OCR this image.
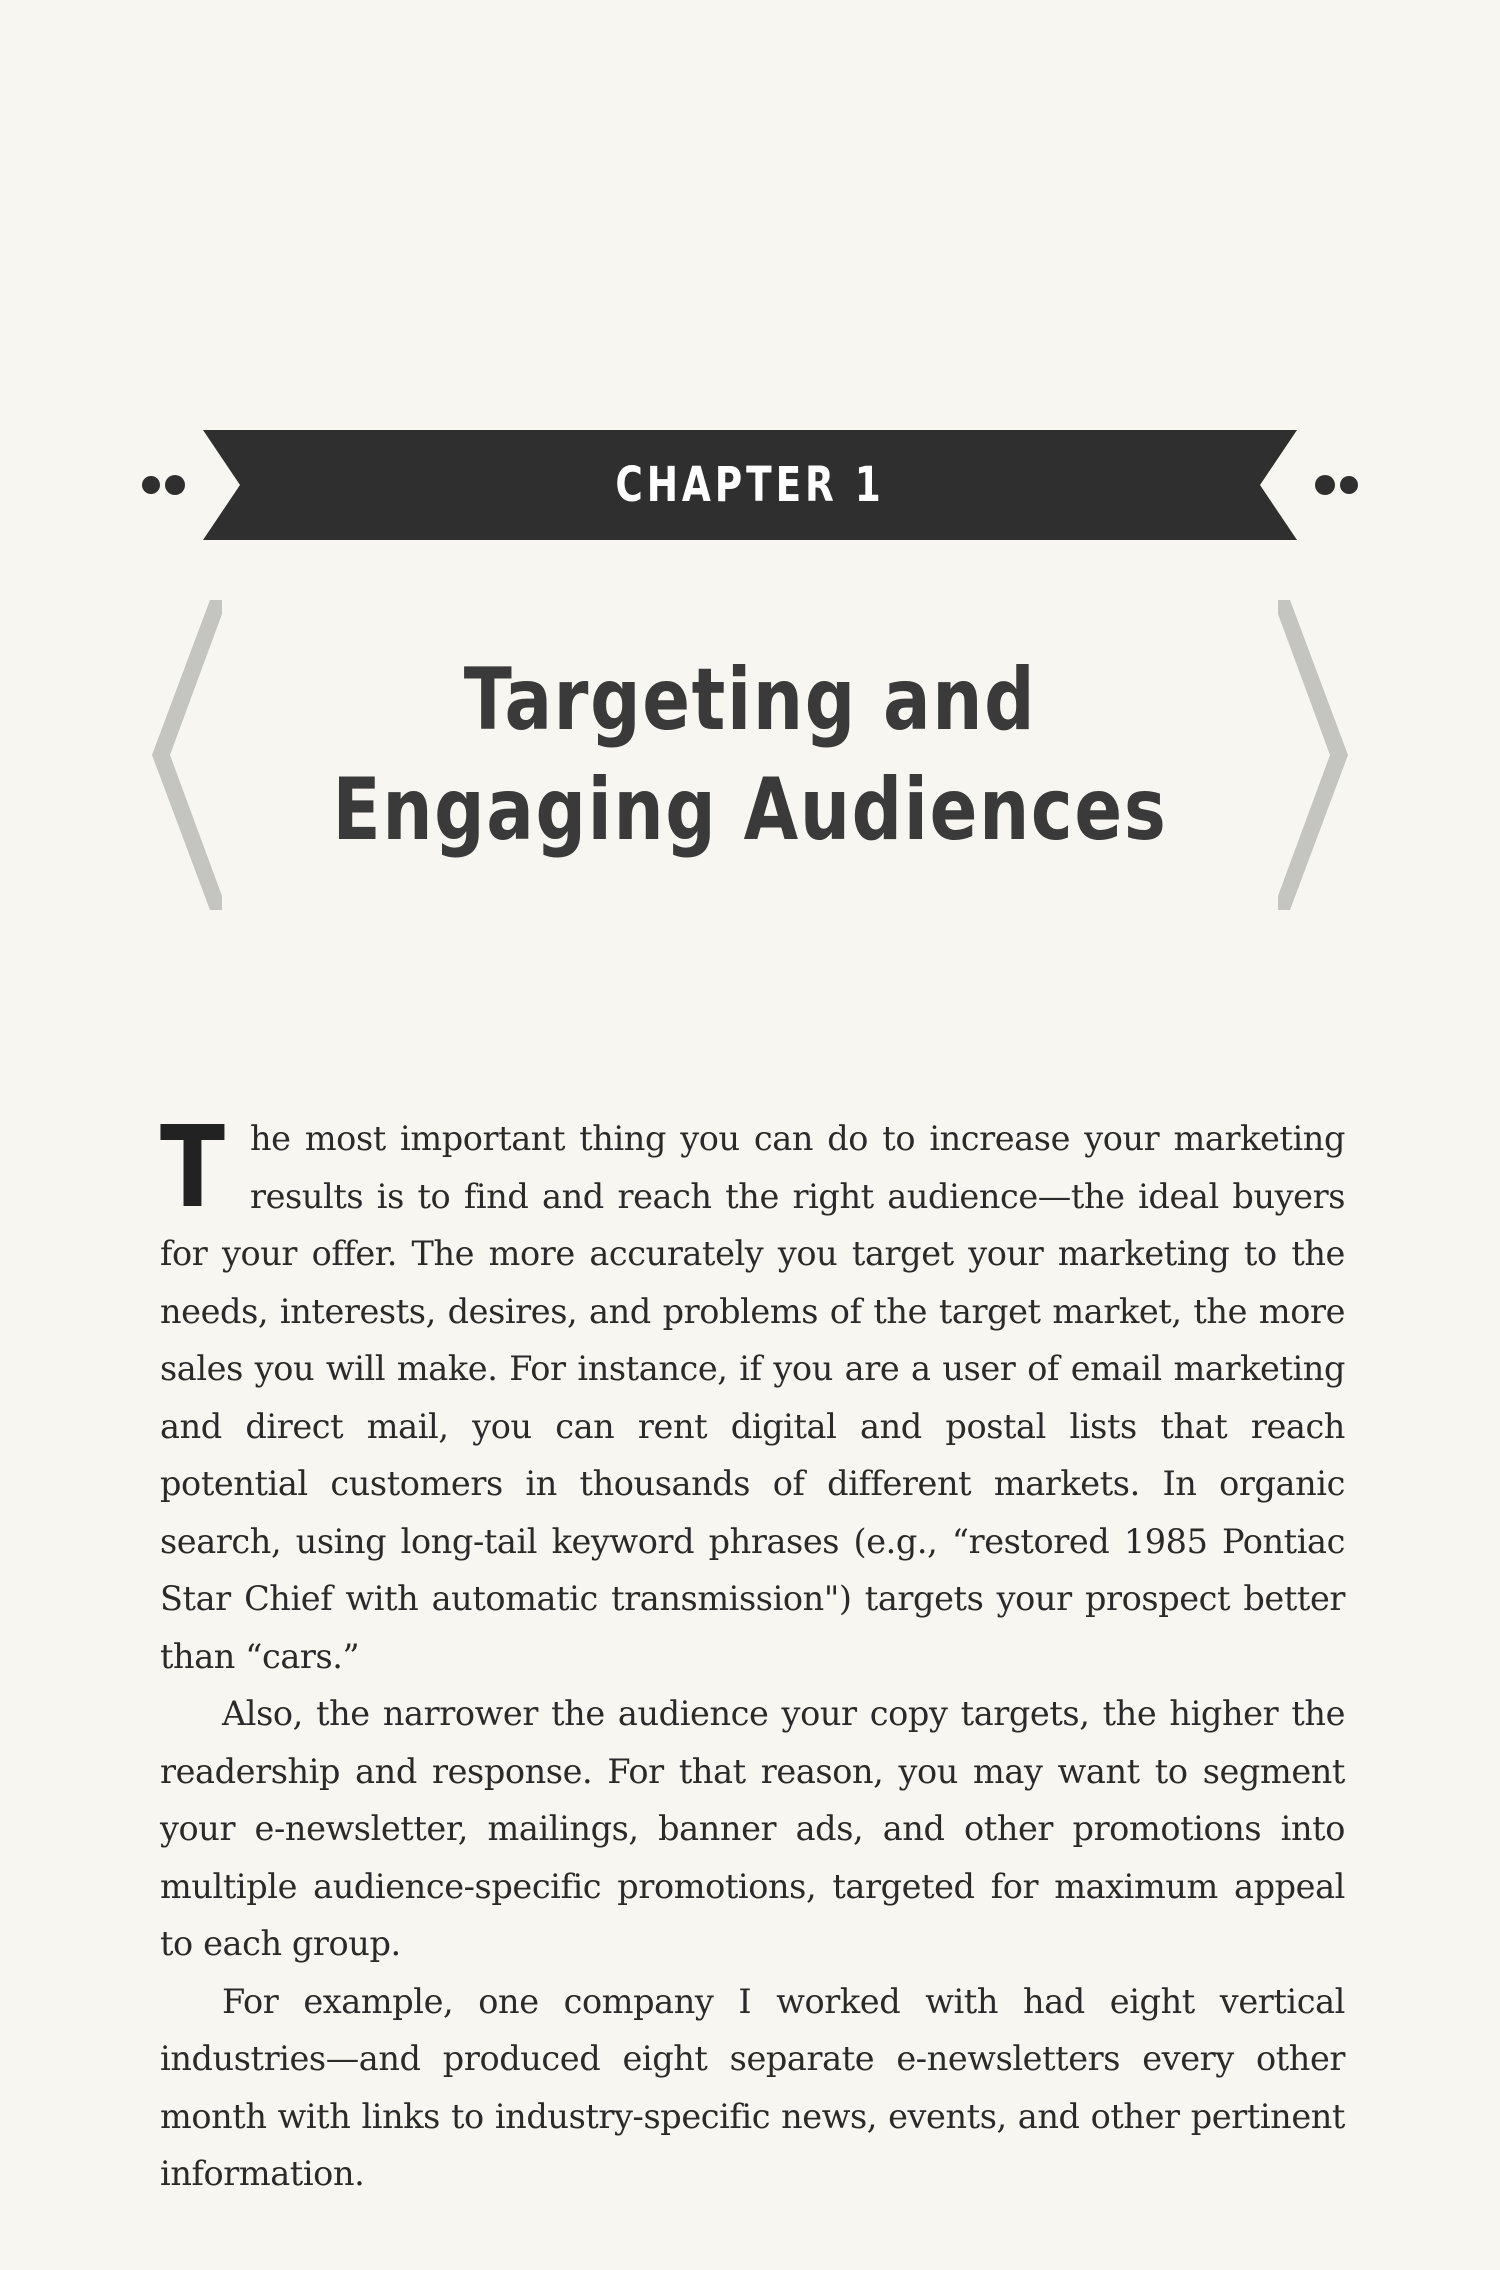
CHAPTER 1
Targeting and Engaging Audiences

The most important thing you can do to increase your marketing results is to find and reach the right audience—the ideal buyers for your offer. The more accurately you target your marketing to the needs, interests, desires, and problems of the target market, the more sales you will make. For instance, if you are a user of email marketing and direct mail, you can rent digital and postal lists that reach potential customers in thousands of different markets. In organic search, using long-tail keyword phrases (e.g., “restored 1985 Pontiac Star Chief with automatic transmission") targets your prospect better than “cars.”

Also, the narrower the audience your copy targets, the higher the readership and response. For that reason, you may want to segment your e-newsletter, mailings, banner ads, and other promotions into multiple audience-specific promotions, targeted for maximum appeal to each group.

For example, one company I worked with had eight vertical industries—and produced eight separate e-newsletters every other month with links to industry-specific news, events, and other pertinent information.
